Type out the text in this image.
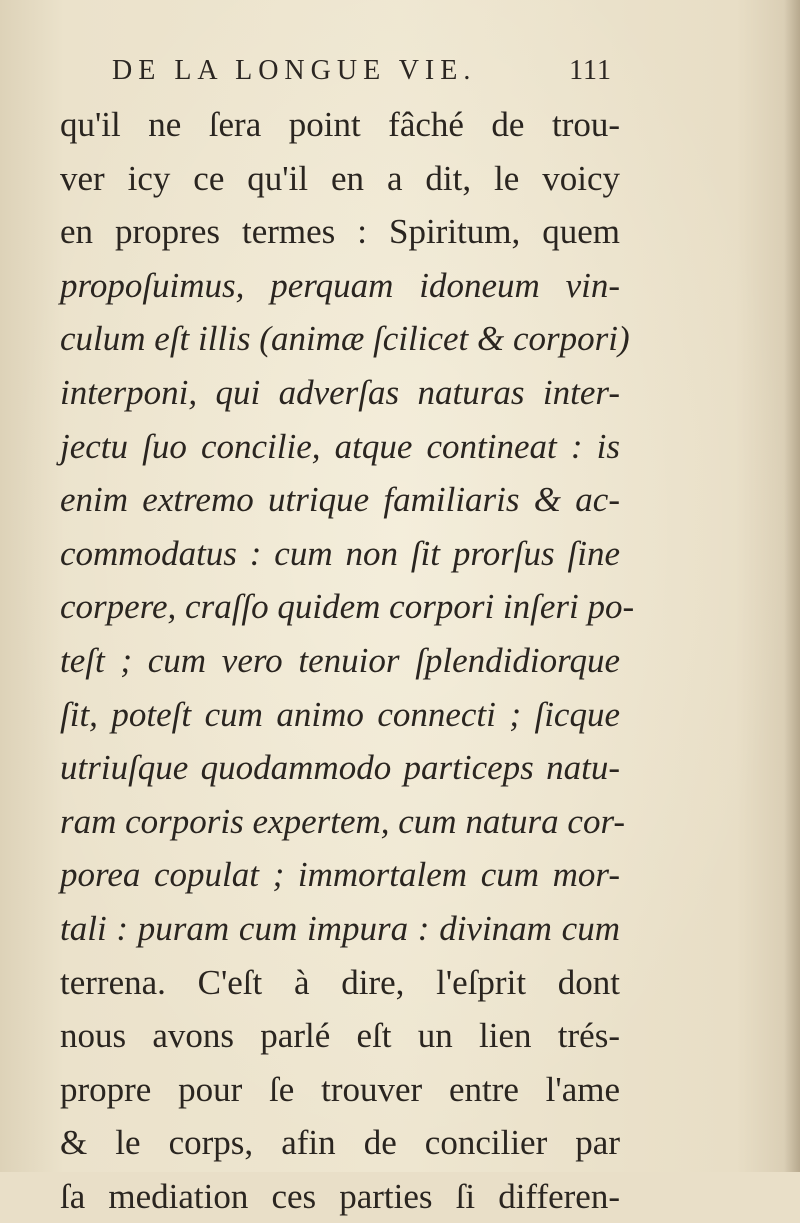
DE LA LONGUE VIE.	111
qu'il ne ſera point fâché de trou-
ver icy ce qu'il en a dit, le voicy
en propres termes : Spiritum, quem
propoſuimus, perquam idoneum vin-
culum eſt illis (animæ ſcilicet & corpori)
interponi, qui adverſas naturas inter-
jectu ſuo concilie, atque contineat : is
enim extremo utrique familiaris & ac-
commodatus : cum non ſit prorſus ſine
corpere, craſſo quidem corpori inſeri po-
teſt ; cum vero tenuior ſplendidiorque
ſit, poteſt cum animo connecti ; ſicque
utriuſque quodammodo particeps natu-
ram corporis expertem, cum natura cor-
porea copulat ; immortalem cum mor-
tali : puram cum impura : divinam cum
terrena. C'eſt à dire, l'eſprit dont
nous avons parlé eſt un lien trés-
propre pour ſe trouver entre l'ame
& le corps, afin de concilier par
ſa mediation ces parties ſi differen-
